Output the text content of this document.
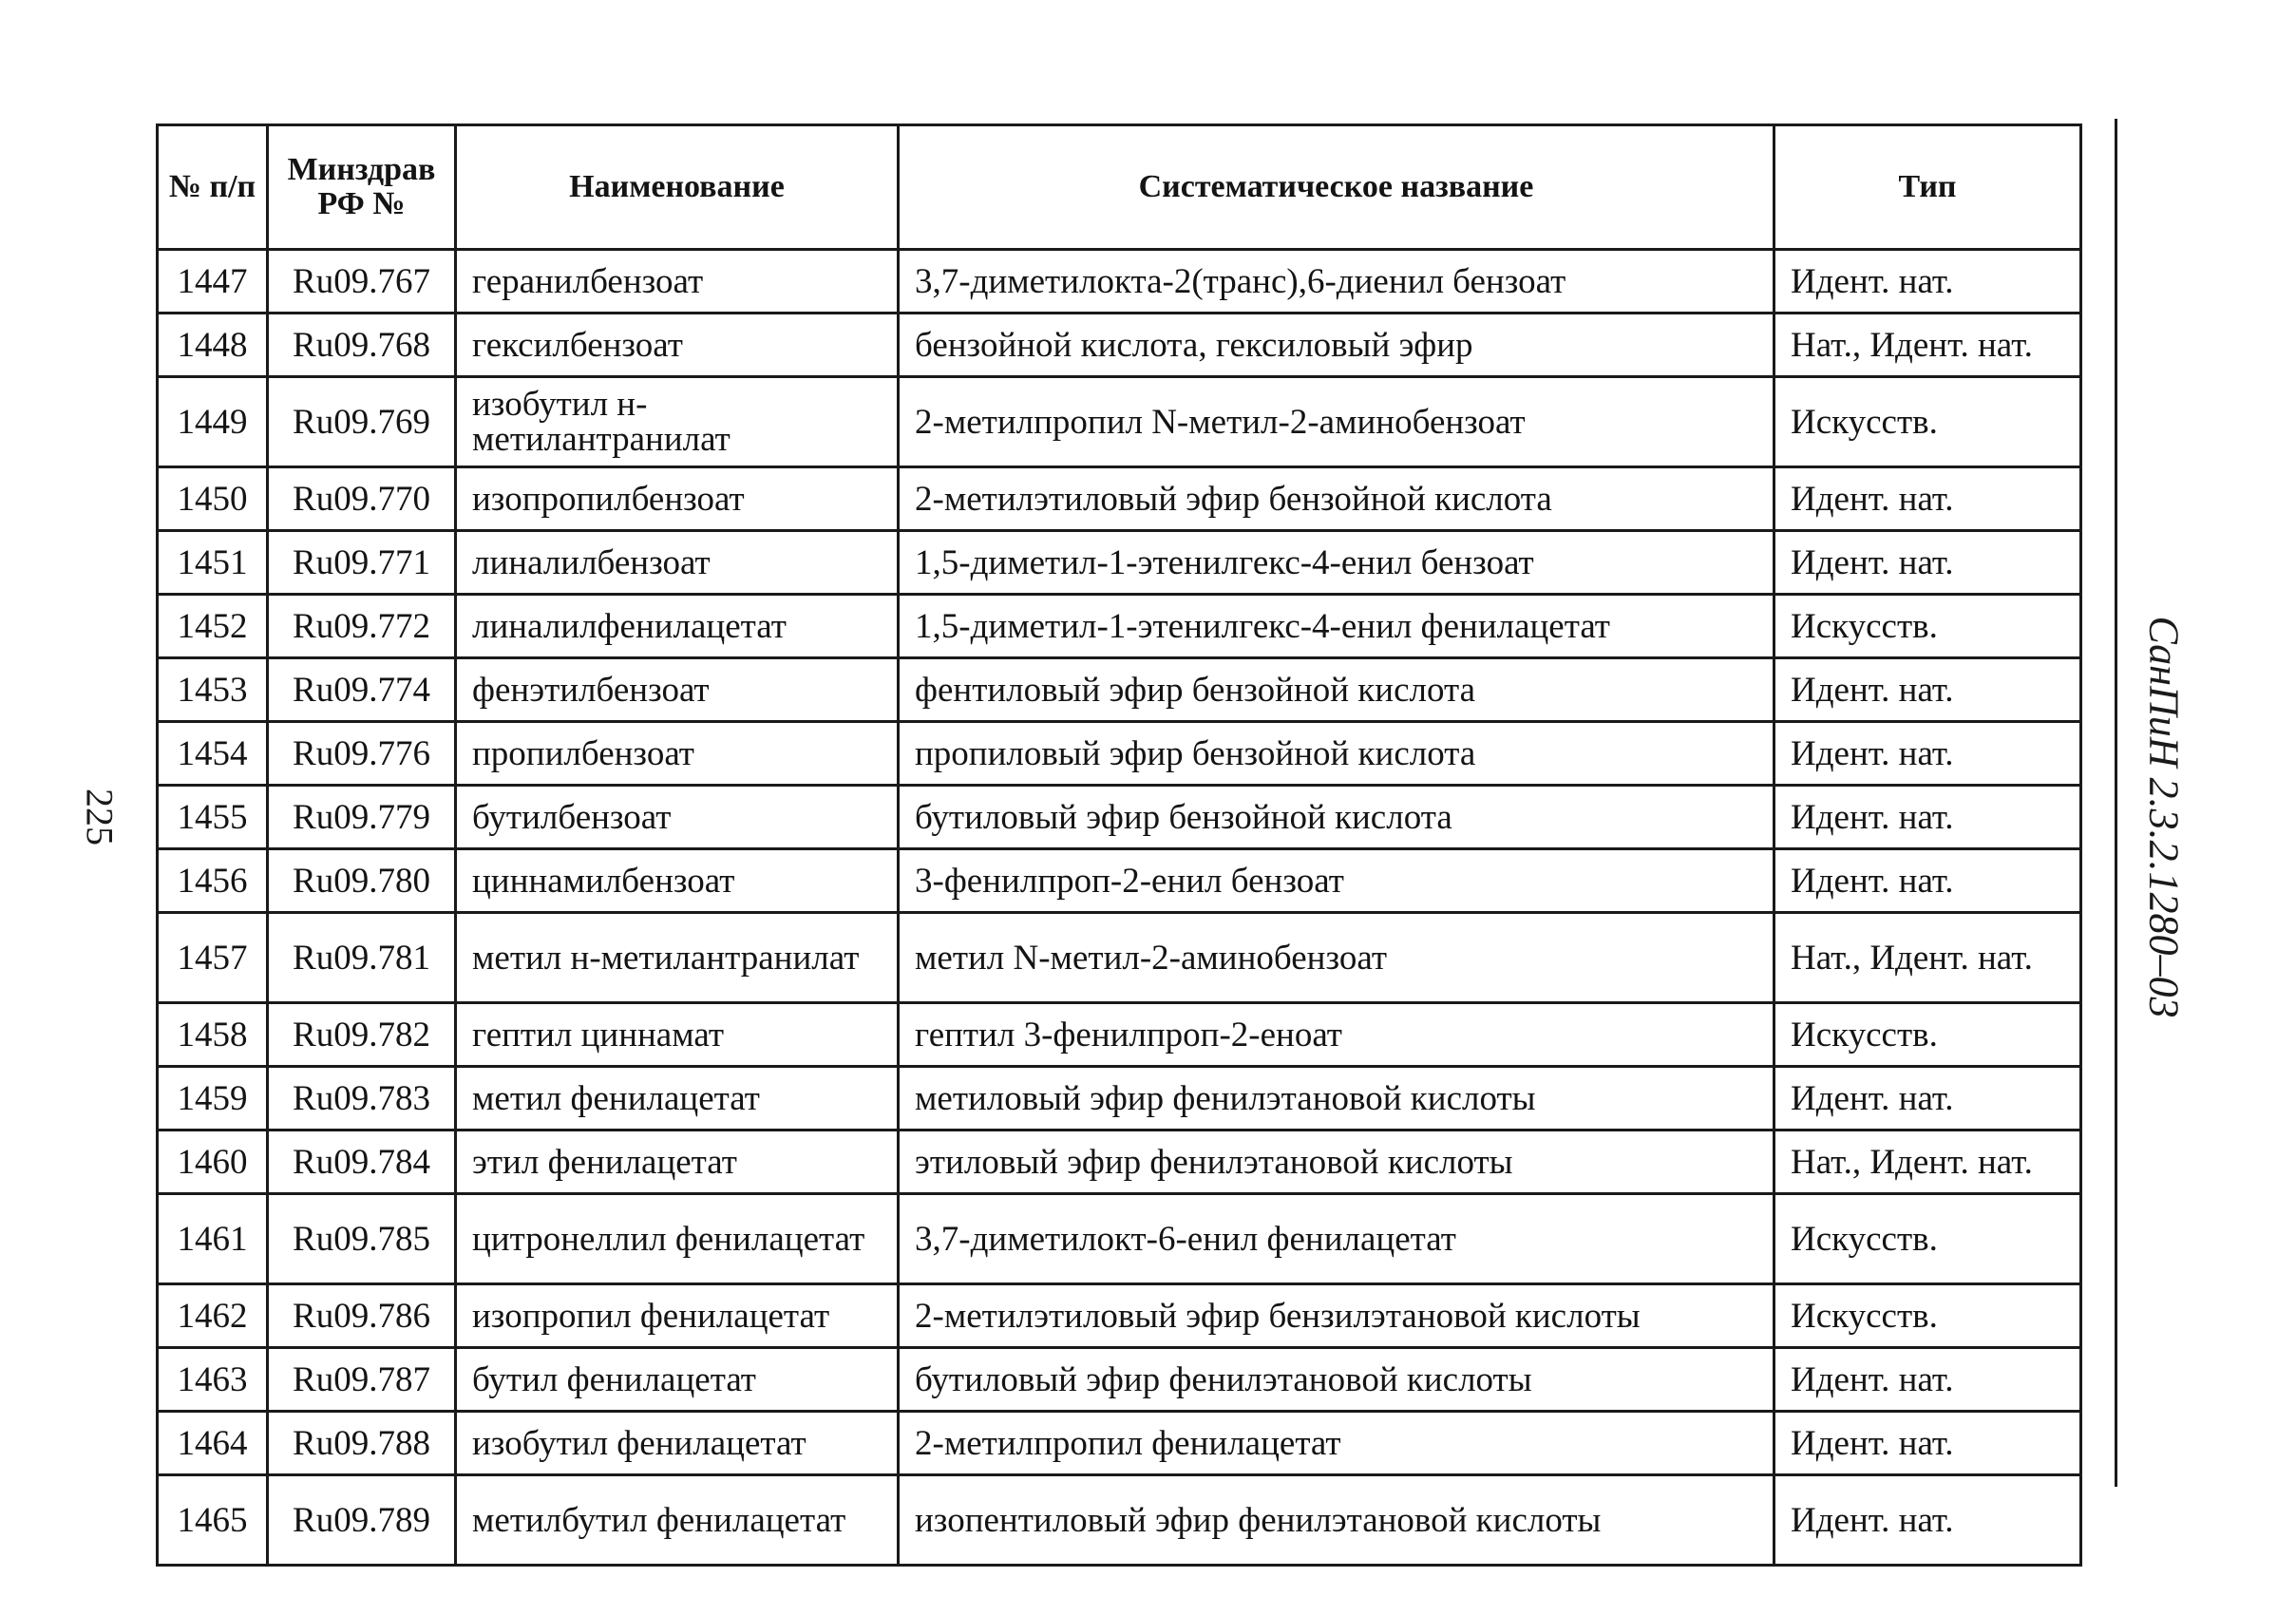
225
№ п/п	Минздрав РФ №	Наименование	Систематическое название	Тип
1447	Ru09.767	геранилбензоат	3,7-диметилокта-2(транс),6-диенил бензоат	Идент. нат.
1448	Ru09.768	гексилбензоат	бензойной кислота, гексиловый эфир	Нат., Идент. нат.
1449	Ru09.769	изобутил н-метилантранилат	2-метилпропил N-метил-2-аминобензоат	Искусств.
1450	Ru09.770	изопропилбензоат	2-метилэтиловый эфир бензойной кислота	Идент. нат.
1451	Ru09.771	линалилбензоат	1,5-диметил-1-этенилгекс-4-енил бензоат	Идент. нат.
1452	Ru09.772	линалилфенилацетат	1,5-диметил-1-этенилгекс-4-енил фенилацетат	Искусств.
1453	Ru09.774	фенэтилбензоат	фентиловый эфир бензойной кислота	Идент. нат.
1454	Ru09.776	пропилбензоат	пропиловый эфир бензойной кислота	Идент. нат.
1455	Ru09.779	бутилбензоат	бутиловый эфир бензойной кислота	Идент. нат.
1456	Ru09.780	циннамилбензоат	3-фенилпроп-2-енил бензоат	Идент. нат.
1457	Ru09.781	метил н-метилантранилат	метил N-метил-2-аминобензоат	Нат., Идент. нат.
1458	Ru09.782	гептил циннамат	гептил 3-фенилпроп-2-еноат	Искусств.
1459	Ru09.783	метил фенилацетат	метиловый эфир фенилэтановой кислоты	Идент. нат.
1460	Ru09.784	этил фенилацетат	этиловый эфир фенилэтановой кислоты	Нат., Идент. нат.
1461	Ru09.785	цитронеллил фенилацетат	3,7-диметилокт-6-енил фенилацетат	Искусств.
1462	Ru09.786	изопропил фенилацетат	2-метилэтиловый эфир бензилэтановой кислоты	Искусств.
1463	Ru09.787	бутил фенилацетат	бутиловый эфир фенилэтановой кислоты	Идент. нат.
1464	Ru09.788	изобутил фенилацетат	2-метилпропил фенилацетат	Идент. нат.
1465	Ru09.789	метилбутил фенилацетат	изопентиловый эфир фенилэтановой кислоты	Идент. нат.
СанПиН 2.3.2.1280–03
